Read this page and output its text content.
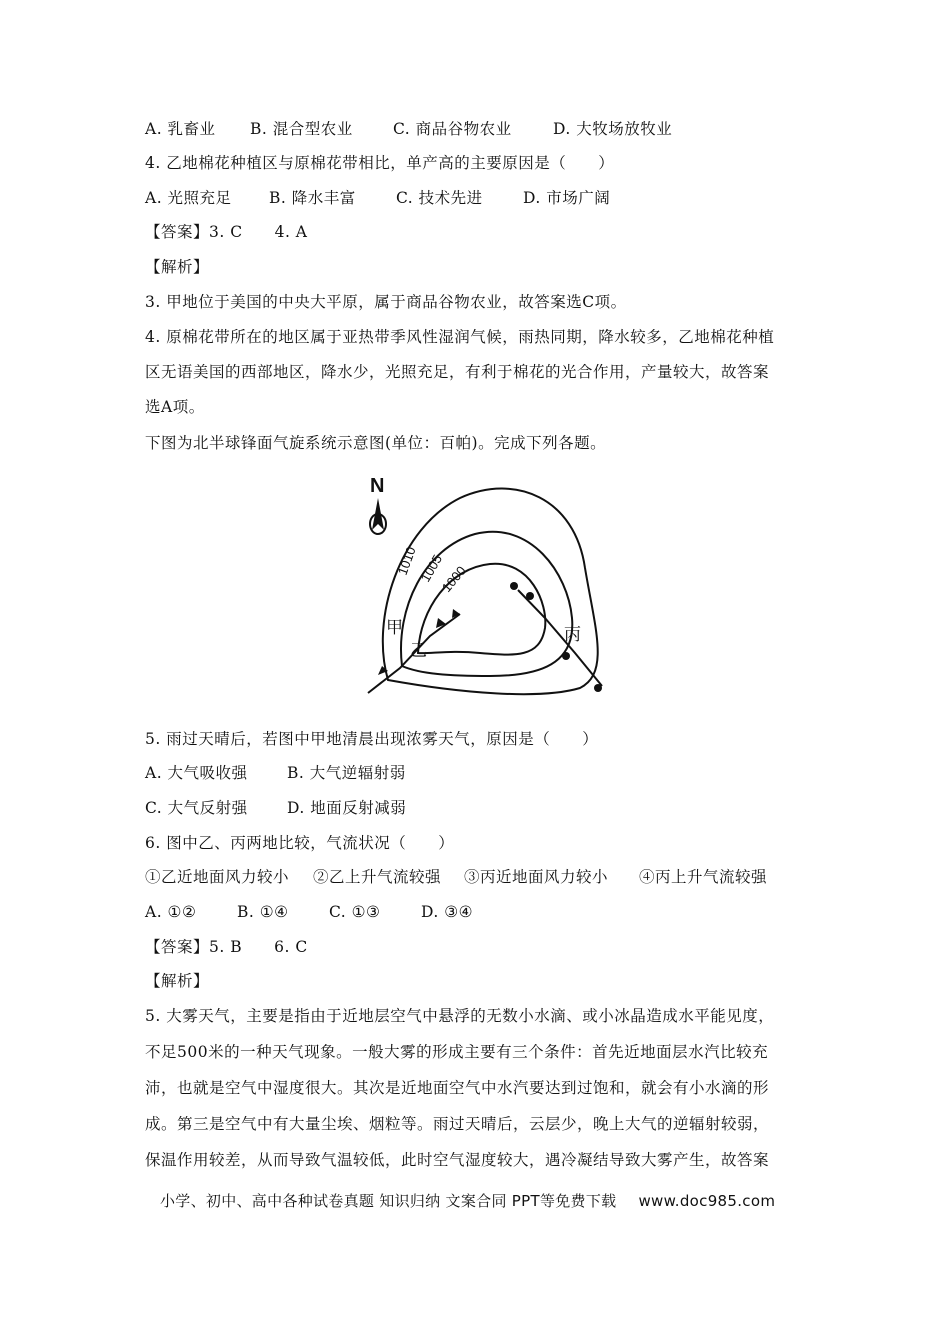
A. 乳畜业 B. 混合型农业	C. 商品谷物农业	D. 大牧场放牧业
4. 乙地棉花种植区与原棉花带相比，单产高的主要原因是（　　）
A. 光照充足 B. 降水丰富	C. 技术先进	D. 市场广阔
【答案】3. C　　4. A
【解析】
3. 甲地位于美国的中央大平原，属于商品谷物农业，故答案选C项。
4. 原棉花带所在的地区属于亚热带季风性湿润气候，雨热同期，降水较多，乙地棉花种植
区无语美国的西部地区，降水少，光照充足，有利于棉花的光合作用，产量较大，故答案
选A项。
下图为北半球锋面气旋系统示意图(单位：百帕)。完成下列各题。
N
1010
1005
1000
甲
乙
丙
5. 雨过天晴后，若图中甲地清晨出现浓雾天气，原因是（　　）
A. 大气吸收强	B. 大气逆辐射弱
C. 大气反射强	D. 地面反射减弱
6. 图中乙、丙两地比较，气流状况（　　）
①乙近地面风力较小 ②乙上升气流较强 ③丙近地面风力较小 ④丙上升气流较强
A. ①②	B. ①④	C. ①③	D. ③④
【答案】5. B　　6. C
【解析】
5. 大雾天气，主要是指由于近地层空气中悬浮的无数小水滴、或小冰晶造成水平能见度，
不足500米的一种天气现象。一般大雾的形成主要有三个条件：首先近地面层水汽比较充
沛，也就是空气中湿度很大。其次是近地面空气中水汽要达到过饱和，就会有小水滴的形
成。第三是空气中有大量尘埃、烟粒等。雨过天晴后，云层少，晚上大气的逆辐射较弱，
保温作用较差，从而导致气温较低，此时空气湿度较大，遇冷凝结导致大雾产生，故答案
小学、初中、高中各种试卷真题 知识归纳 文案合同 PPT等免费下载 www.doc985.com
